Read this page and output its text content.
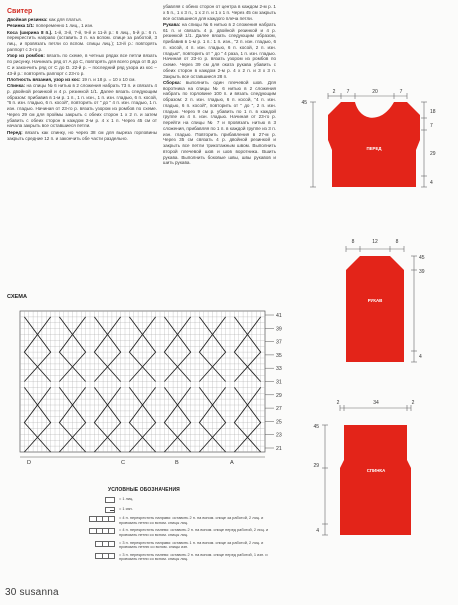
Свитер

Двойная резинка: как для платья.

Резинка 1/1: попеременно 1 лиц., 1 изн.

Коса (ширина 8 п.). 1-й, 3-й, 7-й, 9-й и 11-й р.: 6 лиц., 5-й р.: 6 п. перекрестить направо (оставить 3 п. на вспом. спице за работой, 3 лиц., и провязать петли со вспом. спицы лиц.); 13-й р.: повторять раппорт с 3-го р.

Узор из ромбов: вязать по схеме, в четных рядах все петли вязать по рисунку. Начинать ряд от А до С, повторять для всего ряда от В до С и закончить ряд от С до D. 22-й р. – последний ряд узора из кос – 43-й р.: повторять раппорт с 23-го р.

Плотность вязания, узор из кос: 19 п. и 18 р. = 10 х 10 см.

Спинка: на спицы № 6 нитью в 2 сложения набрать 73 п. и связать 4 р. двойной резинкой и 4 р. резинкой 1/1. Далее вязать следующим образом: прибавив в 1-м р. 1 п., 1 п. изн., 1 п. изн. гладью, 6 п. косой, "6 п. изн. гладью, 6 п. косой", повторить от " до " 4 п. изн. гладью, 1 п. изн. гладью. Начиная от 23-го р. вязать узором из ромбов по схеме. Через 29 см для проймы закрыть с обеих сторон 1 х 2 п. и затем убавить с обеих сторон в каждом 2-м р. 4 х 1 п. Через 45 см от начала закрыть все оставшиеся петли.

Перед: вязать как спинку, но через 38 см для выреза горловины закрыть средние 12 п. и закончить обе части раздельно.

убавляя с обеих сторон от центра в каждом 2-м р. 1 х 5 п., 1 х 3 п., 1 х 2 п. и 1 х 1 п. Через 45 см закрыть все оставшиеся для каждого плеча петли.

Рукава: на спицы № 6 нитью в 2 сложения набрать 61 п. и связать 4 р. двойной резинкой и 4 р. резинкой 1/1. Далее вязать следующим образом, прибавив в 1-м р. 1 п.: 1 п. изн., "2 п. изн. гладью, 6 п. косой, 4 п. изн. гладью, 6 п. косой, 2 п. изн. гладью", повторить от " до " 4 раза, 1 п. изн. гладью. Начиная от 23-го р. вязать узором из ромбов по схеме. Через 39 см для окатa рукава убавить с обеих сторон в каждом 2-м р. 4 х 2 п. и 3 х 3 п. Закрыть все оставшиеся 28 п.

Сборка: выполнить один плечевой шов. Для воротника на спицы № 6 нитью в 2 сложения набрать по горловине 100 п. и вязать следующим образом: 2 п. изн. гладью, 6 п. косой, "4 п. изн. гладью, 6 п. косой", повторить от " до ", 2 п. изн. гладью. Через 9 см р. убавить по 1 п. в каждой группе из 4 п. изн. гладью. Начиная от 23-го р. перейти на спицы № 7 и провязать нитью в 3 сложения, прибавляя по 1 п. в каждой группе из 3 п. изн. гладью. Повторить прибавления в 27-м р. Через 35 см связать 4 р. двойной резинкой и закрыть все петли трикотажным швом. Выполнить второй плечевой шов и шов воротника. Вшить рукава. Выполнить боковые швы, швы рукавов и шить рукава.

41
39
37
35
33
31
29
27
25
23
21
D	C	B	A
ПЕРЕД
2 7	20	7
45
18
7
29
4
РУКАВ
8	12	8
45
39
4
СПИНКА
2	34	2
45
29
4
СХЕМА
УСЛОВНЫЕ ОБОЗНАЧЕНИЯ
= 1 лиц.
= 1 изн.
= 4 п. перекрестить направо: оставить 2 п. на вспом. спице за работой, 2 лиц. и провязать петли со вспом. спицы лиц.
= 4 п. перекрестить налево: оставить 2 п. на вспом. спице перед работой, 2 лиц. и провязать петли со вспом. спицы лиц.
= 3 п. перекрестить направо: оставить 1 п. на вспом. спице за работой, 2 лиц. и провязать петлю со вспом. спицы изн.
= 3 п. перекрестить налево: оставить 2 п. на вспом. спице перед работой, 1 изн. и провязать петли со вспом. спицы лиц.
30 susanna
